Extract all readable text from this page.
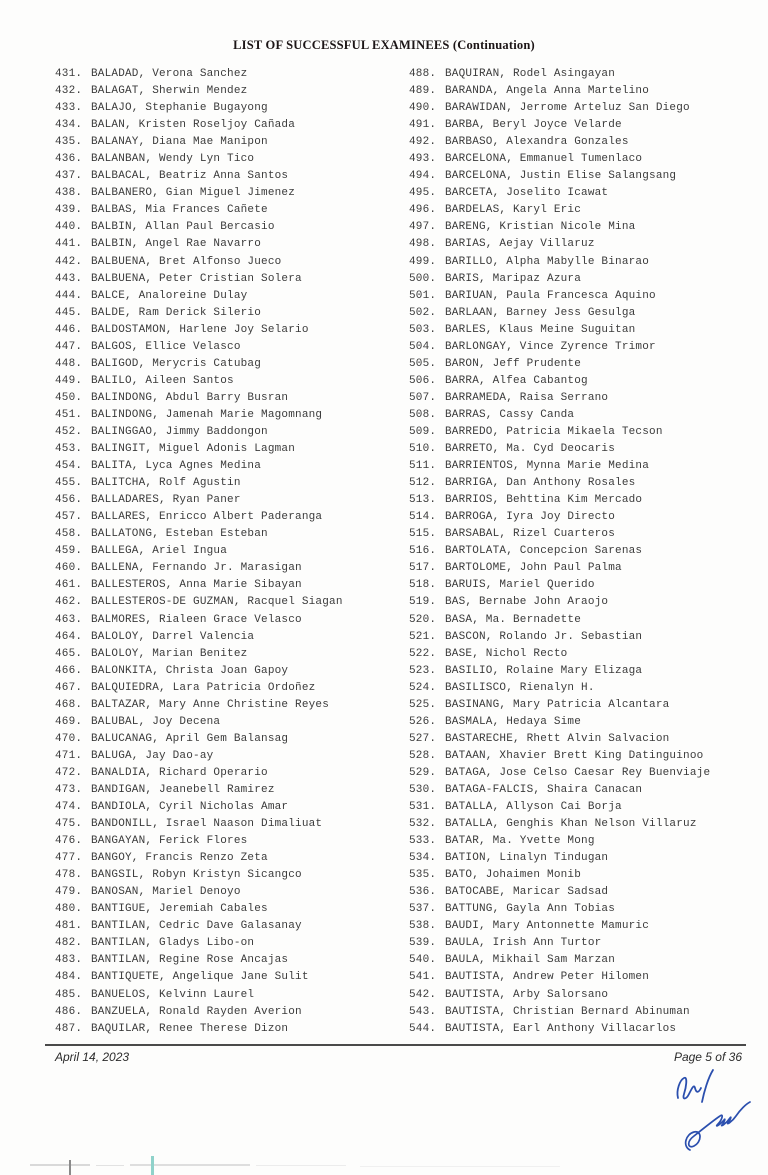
LIST OF SUCCESSFUL EXAMINEES (Continuation)
431. BALADAD, Verona Sanchez
432. BALAGAT, Sherwin Mendez
433. BALAJO, Stephanie Bugayong
434. BALAN, Kristen Roseljoy Cañada
435. BALANAY, Diana Mae Manipon
436. BALANBAN, Wendy Lyn Tico
437. BALBACAL, Beatriz Anna Santos
438. BALBANERO, Gian Miguel Jimenez
439. BALBAS, Mia Frances Cañete
440. BALBIN, Allan Paul Bercasio
441. BALBIN, Angel Rae Navarro
442. BALBUENA, Bret Alfonso Jueco
443. BALBUENA, Peter Cristian Solera
444. BALCE, Analoreine Dulay
445. BALDE, Ram Derick Silerio
446. BALDOSTAMON, Harlene Joy Selario
447. BALGOS, Ellice Velasco
448. BALIGOD, Merycris Catubag
449. BALILO, Aileen Santos
450. BALINDONG, Abdul Barry Busran
451. BALINDONG, Jamenah Marie Magomnang
452. BALINGGAO, Jimmy Baddongon
453. BALINGIT, Miguel Adonis Lagman
454. BALITA, Lyca Agnes Medina
455. BALITCHA, Rolf Agustin
456. BALLADARES, Ryan Paner
457. BALLARES, Enricco Albert Paderanga
458. BALLATONG, Esteban Esteban
459. BALLEGA, Ariel Ingua
460. BALLENA, Fernando Jr. Marasigan
461. BALLESTEROS, Anna Marie Sibayan
462. BALLESTEROS-DE GUZMAN, Racquel Siagan
463. BALMORES, Rialeen Grace Velasco
464. BALOLOY, Darrel Valencia
465. BALOLOY, Marian Benitez
466. BALONKITA, Christa Joan Gapoy
467. BALQUIEDRA, Lara Patricia Ordoñez
468. BALTAZAR, Mary Anne Christine Reyes
469. BALUBAL, Joy Decena
470. BALUCANAG, April Gem Balansag
471. BALUGA, Jay Dao-ay
472. BANALDIA, Richard Operario
473. BANDIGAN, Jeanebell Ramirez
474. BANDIOLA, Cyril Nicholas Amar
475. BANDONILL, Israel Naason Dimaliuat
476. BANGAYAN, Ferick Flores
477. BANGOY, Francis Renzo Zeta
478. BANGSIL, Robyn Kristyn Sicangco
479. BANOSAN, Mariel Denoyo
480. BANTIGUE, Jeremiah Cabales
481. BANTILAN, Cedric Dave Galasanay
482. BANTILAN, Gladys Libo-on
483. BANTILAN, Regine Rose Ancajas
484. BANTIQUETE, Angelique Jane Sulit
485. BANUELOS, Kelvinn Laurel
486. BANZUELA, Ronald Rayden Averion
487. BAQUILAR, Renee Therese Dizon
488. BAQUIRAN, Rodel Asingayan
489. BARANDA, Angela Anna Martelino
490. BARAWIDAN, Jerrome Arteluz San Diego
491. BARBA, Beryl Joyce Velarde
492. BARBASO, Alexandra Gonzales
493. BARCELONA, Emmanuel Tumenlaco
494. BARCELONA, Justin Elise Salangsang
495. BARCETA, Joselito Icawat
496. BARDELAS, Karyl Eric
497. BARENG, Kristian Nicole Mina
498. BARIAS, Aejay Villaruz
499. BARILLO, Alpha Mabylle Binarao
500. BARIS, Maripaz Azura
501. BARIUAN, Paula Francesca Aquino
502. BARLAAN, Barney Jess Gesulga
503. BARLES, Klaus Meine Suguitan
504. BARLONGAY, Vince Zyrence Trimor
505. BARON, Jeff Prudente
506. BARRA, Alfea Cabantog
507. BARRAMEDA, Raisa Serrano
508. BARRAS, Cassy Canda
509. BARREDO, Patricia Mikaela Tecson
510. BARRETO, Ma. Cyd Deocaris
511. BARRIENTOS, Mynna Marie Medina
512. BARRIGA, Dan Anthony Rosales
513. BARRIOS, Behttina Kim Mercado
514. BARROGA, Iyra Joy Directo
515. BARSABAL, Rizel Cuarteros
516. BARTOLATA, Concepcion Sarenas
517. BARTOLOME, John Paul Palma
518. BARUIS, Mariel Querido
519. BAS, Bernabe John Araojo
520. BASA, Ma. Bernadette
521. BASCON, Rolando Jr. Sebastian
522. BASE, Nichol Recto
523. BASILIO, Rolaine Mary Elizaga
524. BASILISCO, Rienalyn H.
525. BASINANG, Mary Patricia Alcantara
526. BASMALA, Hedaya Sime
527. BASTARECHE, Rhett Alvin Salvacion
528. BATAAN, Xhavier Brett King Datinguinoo
529. BATAGA, Jose Celso Caesar Rey Buenviaje
530. BATAGA-FALCIS, Shaira Canacan
531. BATALLA, Allyson Cai Borja
532. BATALLA, Genghis Khan Nelson Villaruz
533. BATAR, Ma. Yvette Mong
534. BATION, Linalyn Tindugan
535. BATO, Johaimen Monib
536. BATOCABE, Maricar Sadsad
537. BATTUNG, Gayla Ann Tobias
538. BAUDI, Mary Antonnette Mamuric
539. BAULA, Irish Ann Turtor
540. BAULA, Mikhail Sam Marzan
541. BAUTISTA, Andrew Peter Hilomen
542. BAUTISTA, Arby Salorsano
543. BAUTISTA, Christian Bernard Abinuman
544. BAUTISTA, Earl Anthony Villacarlos
April 14, 2023	Page 5 of 36
